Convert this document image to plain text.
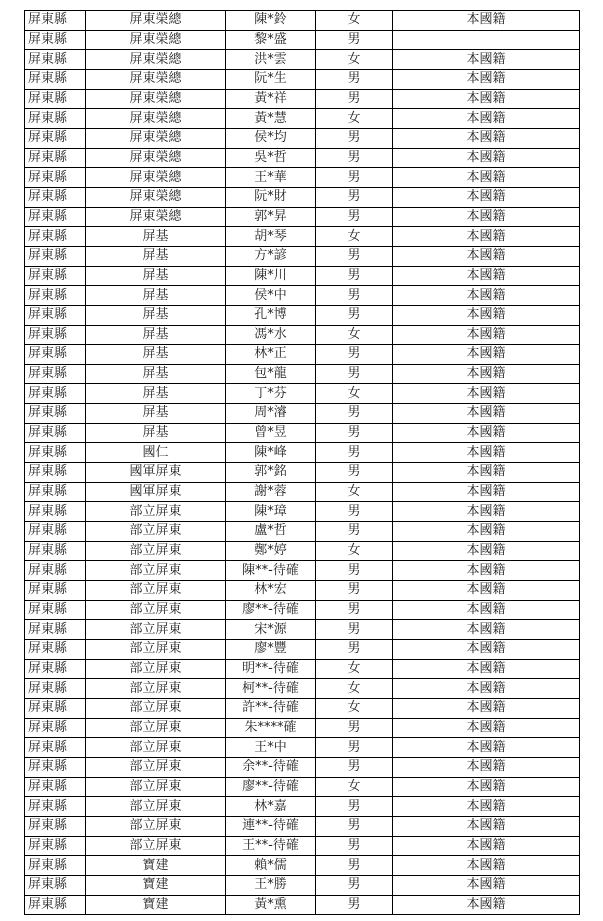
屏東縣	屏東榮總	陳*鈴	女	本國籍
屏東縣	屏東榮總	黎*盛	男	
屏東縣	屏東榮總	洪*雲	女	本國籍
屏東縣	屏東榮總	阮*生	男	本國籍
屏東縣	屏東榮總	黃*祥	男	本國籍
屏東縣	屏東榮總	黃*慧	女	本國籍
屏東縣	屏東榮總	侯*均	男	本國籍
屏東縣	屏東榮總	吳*哲	男	本國籍
屏東縣	屏東榮總	王*華	男	本國籍
屏東縣	屏東榮總	阮*財	男	本國籍
屏東縣	屏東榮總	郭*昇	男	本國籍
屏東縣	屏基	胡*琴	女	本國籍
屏東縣	屏基	方*諺	男	本國籍
屏東縣	屏基	陳*川	男	本國籍
屏東縣	屏基	侯*中	男	本國籍
屏東縣	屏基	孔*博	男	本國籍
屏東縣	屏基	馮*水	女	本國籍
屏東縣	屏基	林*正	男	本國籍
屏東縣	屏基	包*龍	男	本國籍
屏東縣	屏基	丁*芬	女	本國籍
屏東縣	屏基	周*濬	男	本國籍
屏東縣	屏基	曾*昱	男	本國籍
屏東縣	國仁	陳*峰	男	本國籍
屏東縣	國軍屏東	郭*銘	男	本國籍
屏東縣	國軍屏東	謝*蓉	女	本國籍
屏東縣	部立屏東	陳*璋	男	本國籍
屏東縣	部立屏東	盧*哲	男	本國籍
屏東縣	部立屏東	鄭*婷	女	本國籍
屏東縣	部立屏東	陳**-待確	男	本國籍
屏東縣	部立屏東	林*宏	男	本國籍
屏東縣	部立屏東	廖**-待確	男	本國籍
屏東縣	部立屏東	宋*源	男	本國籍
屏東縣	部立屏東	廖*豐	男	本國籍
屏東縣	部立屏東	明**-待確	女	本國籍
屏東縣	部立屏東	柯**-待確	女	本國籍
屏東縣	部立屏東	許**-待確	女	本國籍
屏東縣	部立屏東	朱****確	男	本國籍
屏東縣	部立屏東	王*中	男	本國籍
屏東縣	部立屏東	余**-待確	男	本國籍
屏東縣	部立屏東	廖**-待確	女	本國籍
屏東縣	部立屏東	林*嘉	男	本國籍
屏東縣	部立屏東	連**-待確	男	本國籍
屏東縣	部立屏東	王**-待確	男	本國籍
屏東縣	寶建	賴*儒	男	本國籍
屏東縣	寶建	王*勝	男	本國籍
屏東縣	寶建	黃*熏	男	本國籍
